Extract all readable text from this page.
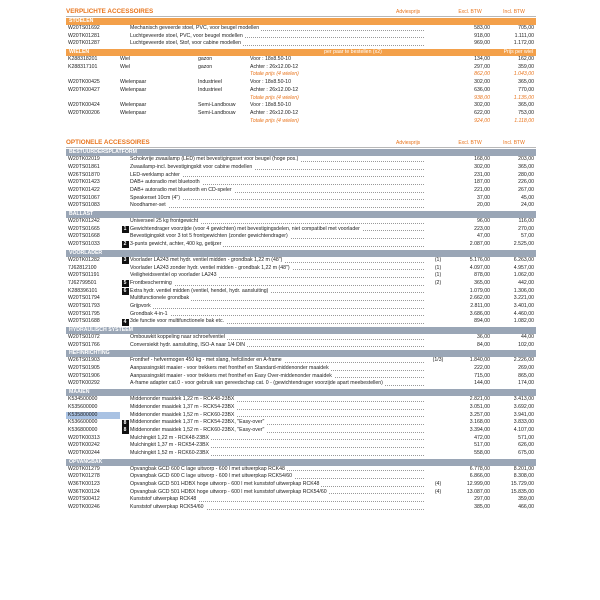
VERPLICHTE ACCESSOIRES	Adviesprijs	Excl. BTW	Incl. BTW
STOELEN
W20TS01692	Mechanisch geveerde stoel, PVC, voor beugel modellen	583,00	705,00
W20TK01281	Luchtgeveerde stoel, PVC, voor beugel modellen	918,00	1.111,00
W20TK01287	Luchtgeveerde stoel, Stof, voor cabine modellen	969,00	1.172,00
WIELEN	per paar te bestellen (x2)	Prijs per wiel
K288318201	Wiel	gazon	Voor : 18x8.50-10	134,00	162,00
K288317101	Wiel	gazon	Achter : 26x12.00-12	297,00	359,00
Totale prijs (4 wielen)	862,00	1.043,00
W20TK00425	Wielenpaar	Industrieel	Voor : 18x8.50-10	302,00	365,00
W20TK00427	Wielenpaar	Industrieel	Achter : 26x12.00-12	636,00	770,00
Totale prijs (4 wielen)	938,00	1.135,00
W20TK00424	Wielenpaar	Semi-Landbouw	Voor : 18x8.50-10	302,00	365,00
W20TK00206	Wielenpaar	Semi-Landbouw	Achter : 26x12.00-12	622,00	753,00
Totale prijs (4 wielen)	924,00	1.118,00
OPTIONELE ACCESSOIRES	Adviesprijs	Excl. BTW	Incl. BTW
BESTUURDERSPLATFORM
W20TK02019	Schokvrije zwaailamp (LED) met bevestigingsset voor beugel (hoge pos.)	168,00	203,00
W20TS01861	Zwaailamp-incl. bevestigingskit voor cabine modellen	302,00	365,00
W26TS01870	LED-werklamp achter	231,00	280,00
W20TK01423	DAB+ autoradio met bluetooth	187,00	226,00
W20TK01422	DAB+ autoradio met bluetooth en CD-speler	221,00	267,00
W20TS01067	Speakerset 10cm (4")	37,00	45,00
W20TS01083	Noodhamer-set	20,00	24,00
BALLAST
W20TK01242	Universeel 25 kg frontgewicht	96,00	116,00
W20TS01665	1 Gewichtendrager voorzijde (voor 4 gewichten) met bevestigingsdelen, niet compatibel met voorlader	223,00	270,00
W20TS01668	Bevestigingskit voor 3 tot 5 frontgewichten (zonder gewichtendrager)	47,00	57,00
W20TS01033	2 3-punts gewicht, achter, 400 kg, getijzer	2.087,00	2.525,00
VOORLADER
W20TK01282	3 Voorlader LA243 met hydr. ventiel midden - grondbak 1,22 m (48")	(1)	5.176,00	6.263,00
7J62812100	Voorlader LA243 zonder hydr. ventiel midden - grondbak 1,22 m (48")	(1)	4.097,00	4.957,00
W20TS01191	Veiligheidsventiel op voorlader LA243	(1)	878,00	1.062,00
7J62799501	5 Frontbescherming	(2)	365,00	442,00
K288396101	6 Extra hydr. ventiel midden (ventiel, hendel, hydr. aansluiting)	1.079,00	1.306,00
W20TS01794	Multifunctionele grondbak	2.662,00	3.221,00
W20TS01793	Grijpvork	2.811,00	3.401,00
W20TS01795	Grondbak 4-in-1	3.686,00	4.460,00
W20TS01688	4 3de functie voor multifunctionele bak etc.	894,00	1.082,00
HYDRAULISCH SYSTEEM
W20TS01072	Ombouwkit koppeling naar schroefventiel	36,00	44,00
W20TS01766	Conversiekit hydr. aansluiting, ISO-A naar 1/4 DIN	84,00	102,00
HEFINRICHTING
W26TS01903	Fronthef - hefvermogen 450 kg - met slang, hefcilinder en A-frame	(1/3)	1.840,00	2.226,00
W20TS01905	Aanpassingskit maaier - voor trekkers met fronthef en Standard-middenonder maaidek	222,00	269,00
W20TS01906	Aanpassingskit maaier - voor trekkers met fronthef en Easy Over-middenonder maaidek	715,00	865,00
W20TK00292	A-frame adapter cat.0 - voor gebruik van gereedschap cat. 0 - (gewichtendrager voorzijde apart meebestellen)	144,00	174,00
MAAIEN
K534500000	Middenonder maaidek 1,22 m - RCK48-23BX	2.821,00	3.413,00
K535600000	Middenonder maaidek 1,37 m - RCK54-23BX	3.051,00	3.692,00
K535800000	Middenonder maaidek 1,52 m - RCK60-23BX	3.257,00	3.941,00
K536600000	8 Middenonder maaidek 1,37 m - RCK54-23BX, "Easy-over"	3.168,00	3.833,00
K536800000	8 Middenonder maaidek 1,52 m - RCK60-23BX, "Easy-over"	3.394,00	4.107,00
W20TK00313	Mulchingkit 1,22 m - RCK48-23BX	472,00	571,00
W20TK00242	Mulchingkit 1,37 m - RCK54-23BX	517,00	626,00
W20TK00244	Mulchingkit 1,52 m - RCK60-23BX	558,00	675,00
OPVANGBAK
W20TK01279	Opvangbak GCD 600 C lage uitworp - 600 l met uitwerpkap RCK48	6.778,00	8.201,00
W20TK01278	Opvangbak GCD 600 C lage uitworp - 600 l met uitwerpkap RCK54/60	6.866,00	8.308,00
W36TK00123	Opvangbak GCD 501 HDBX hoge uitworp - 600 l met kunststof uitwerpkap RCK48	(4)	12.999,00	15.729,00
W36TK00124	Opvangbak GCD 501 HDBX hoge uitworp - 600 l met kunststof uitwerpkap RCK54/60	(4)	13.087,00	15.835,00
W20TS00412	Kunststof uitwerpkap RCK48	297,00	359,00
W20TK00246	Kunststof uitwerpkap RCK54/60	385,00	466,00
